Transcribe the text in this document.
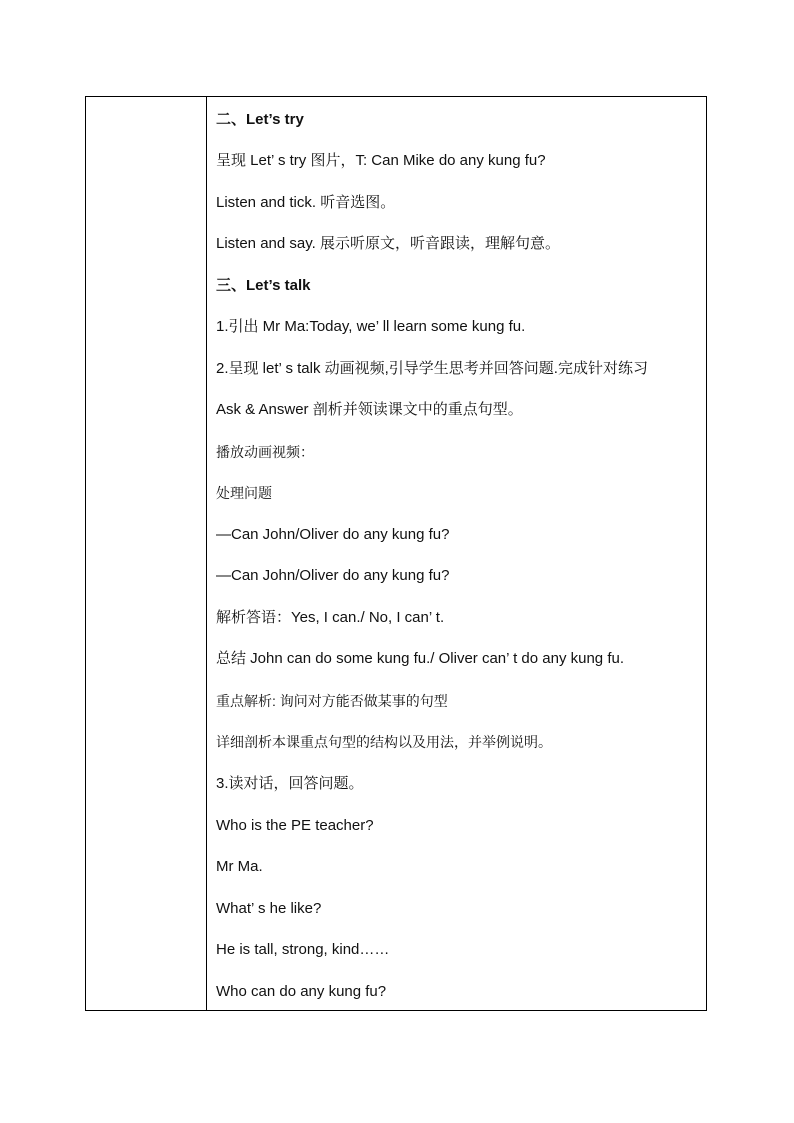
二、Let’s try
呈现 Let’ s try 图片，T: Can Mike do any kung fu?
Listen and tick. 听音选图。
Listen and say. 展示听原文，听音跟读，理解句意。
三、Let’s talk
1.引出 Mr Ma:Today, we’ ll learn some kung fu.
2.呈现 let’ s talk 动画视频,引导学生思考并回答问题.完成针对练习
Ask & Answer 剖析并领读课文中的重点句型。
播放动画视频：
处理问题
—Can John/Oliver do any kung fu?
—Can John/Oliver do any kung fu?
解析答语：Yes, I can./ No, I can’ t.
总结 John can do some kung fu./ Oliver can’ t do any kung fu.
重点解析: 询问对方能否做某事的句型
详细剖析本课重点句型的结构以及用法，并举例说明。
3.读对话，回答问题。
Who is the PE teacher?
Mr Ma.
What’ s he like?
He is tall, strong, kind……
Who can do any kung fu?
